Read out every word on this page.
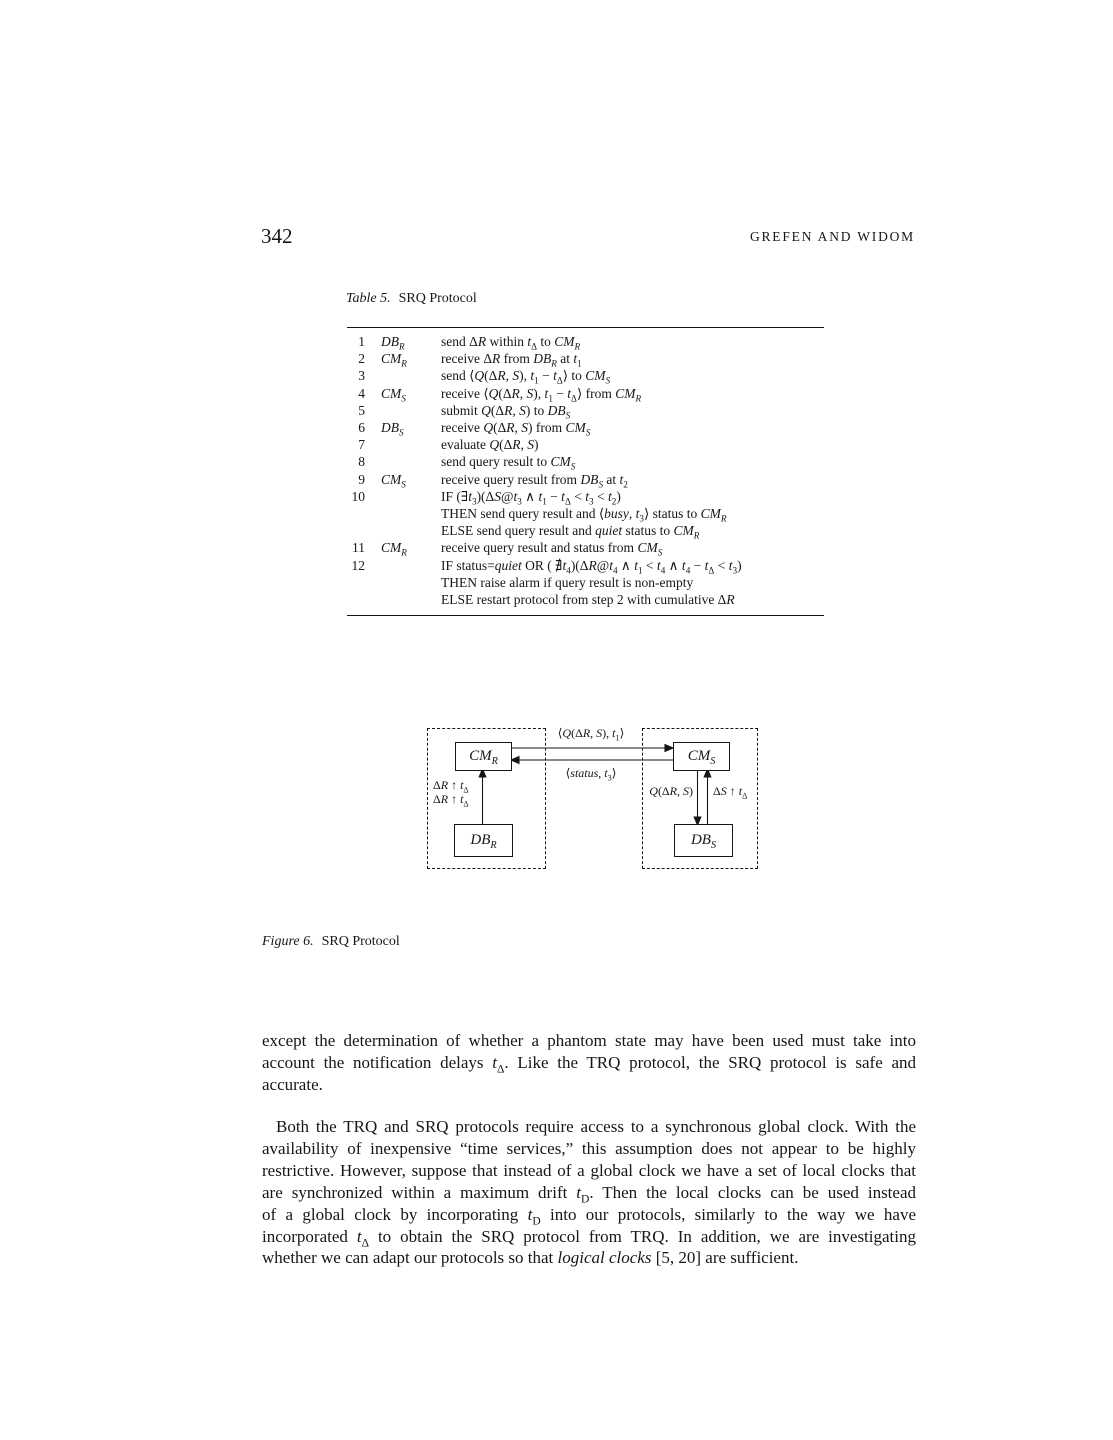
342	GREFEN AND WIDOM
Table 5. SRQ Protocol
1 $DB_R$	send ΔR within $t_\Delta$ to $CM_R$
2 $CM_R$	receive ΔR from $DB_R$ at $t_1$
3	send ⟨Q(ΔR, S), $t_1$ − $t_\Delta⟩$ to $CM_S$
4 $CM_S$	receive ⟨Q(ΔR, S), $t_1$ − $t_\Delta⟩$ from $CM_R$
5	submit Q(ΔR, S) to $DB_S$
6 $DB_S$	receive Q(ΔR, S) from $CM_S$
7	evaluate Q(ΔR, S)
8	send query result to $CM_S$
9 $CM_S$	receive query result from $DB_S$ at $t_2$
10	IF $(\exists t_3)(\Delta S@t_3$ ∧ $t_1 - t_\Delta < t_3 < t_2$)
THEN send query result and ⟨busy, $t_3⟩$ status to $CM_R$
ELSE send query result and quiet status to $CM_R$
11 $CM_R$	receive query result and status from $CM_S$
12	IF status=quiet OR ( $∄t_4)(\Delta R@t_4$ ∧ $t_1 < t_4$ ∧ $t_4 - t_\Delta < t_3$)
THEN raise alarm if query result is non-empty
ELSE restart protocol from step 2 with cumulative ΔR
$CM_R$	$CM_S$
$DB_R$	$DB_S$
⟨Q(ΔR, S), $t_1⟩$
⟨status, $t_3⟩$
ΔR ↑ $t_\Delta$
ΔR ↑ $t_\Delta$
Q(ΔR, S) ΔS ↑ $t_\Delta$
Figure 6. SRQ Protocol
except the determination of whether a phantom state may have been used must take into
account the notification delays $t_\Delta$. Like the TRQ protocol, the SRQ protocol is safe and
accurate.
Both the TRQ and SRQ protocols require access to a synchronous global clock. With the
availability of inexpensive “time services,” this assumption does not appear to be highly
restrictive. However, suppose that instead of a global clock we have a set of local clocks that
are synchronized within a maximum drift $t_D$. Then the local clocks can be used instead
of a global clock by incorporating $t_D$ into our protocols, similarly to the way we have
incorporated $t_\Delta$ to obtain the SRQ protocol from TRQ. In addition, we are investigating
whether we can adapt our protocols so that logical clocks [5, 20] are sufficient.
